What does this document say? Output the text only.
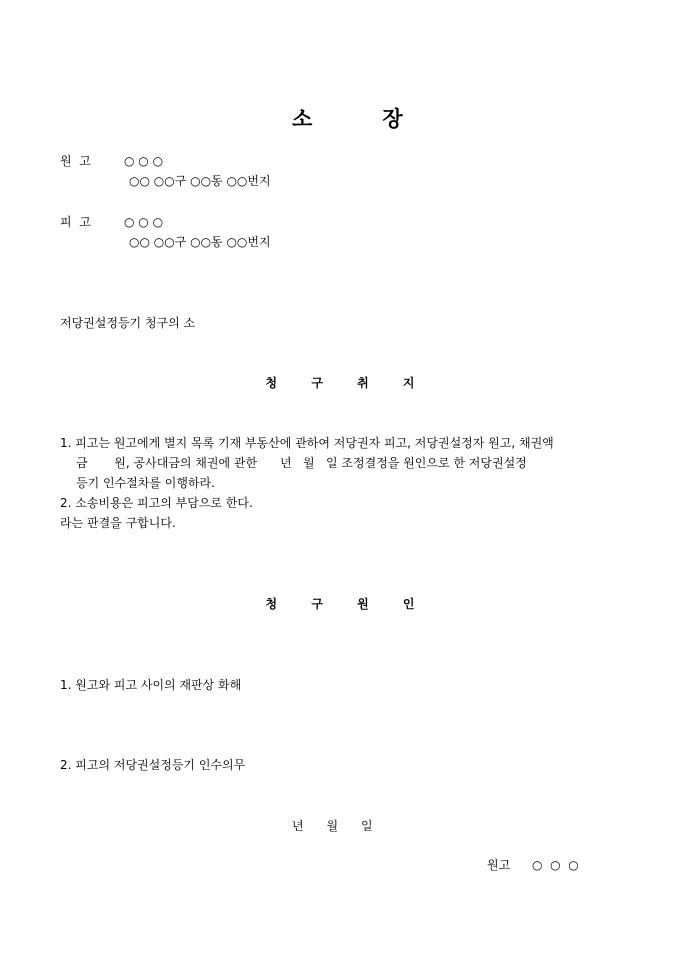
소	장

원  고	○ ○ ○
○○ ○○구 ○○동 ○○번지
피  고	○ ○ ○
○○ ○○구 ○○동 ○○번지
저당권설정등기 청구의 소
청 구 취 지
1. 피고는 원고에게 별지 목록 기재 부동산에 관하여 저당권자 피고, 저당권설정자 원고, 채권액
금       원, 공사대금의 채권에 관한      년   월   일 조정결정을 원인으로 한 저당권설정
등기 인수절차를 이행하라.
2. 소송비용은 피고의 부담으로 한다.
라는 판결을 구합니다.
청 구 원 인
1. 원고와 피고 사이의 재판상 화해
2. 피고의 저당권설정등기 인수의무
년      월      일
원고 ○  ○  ○
